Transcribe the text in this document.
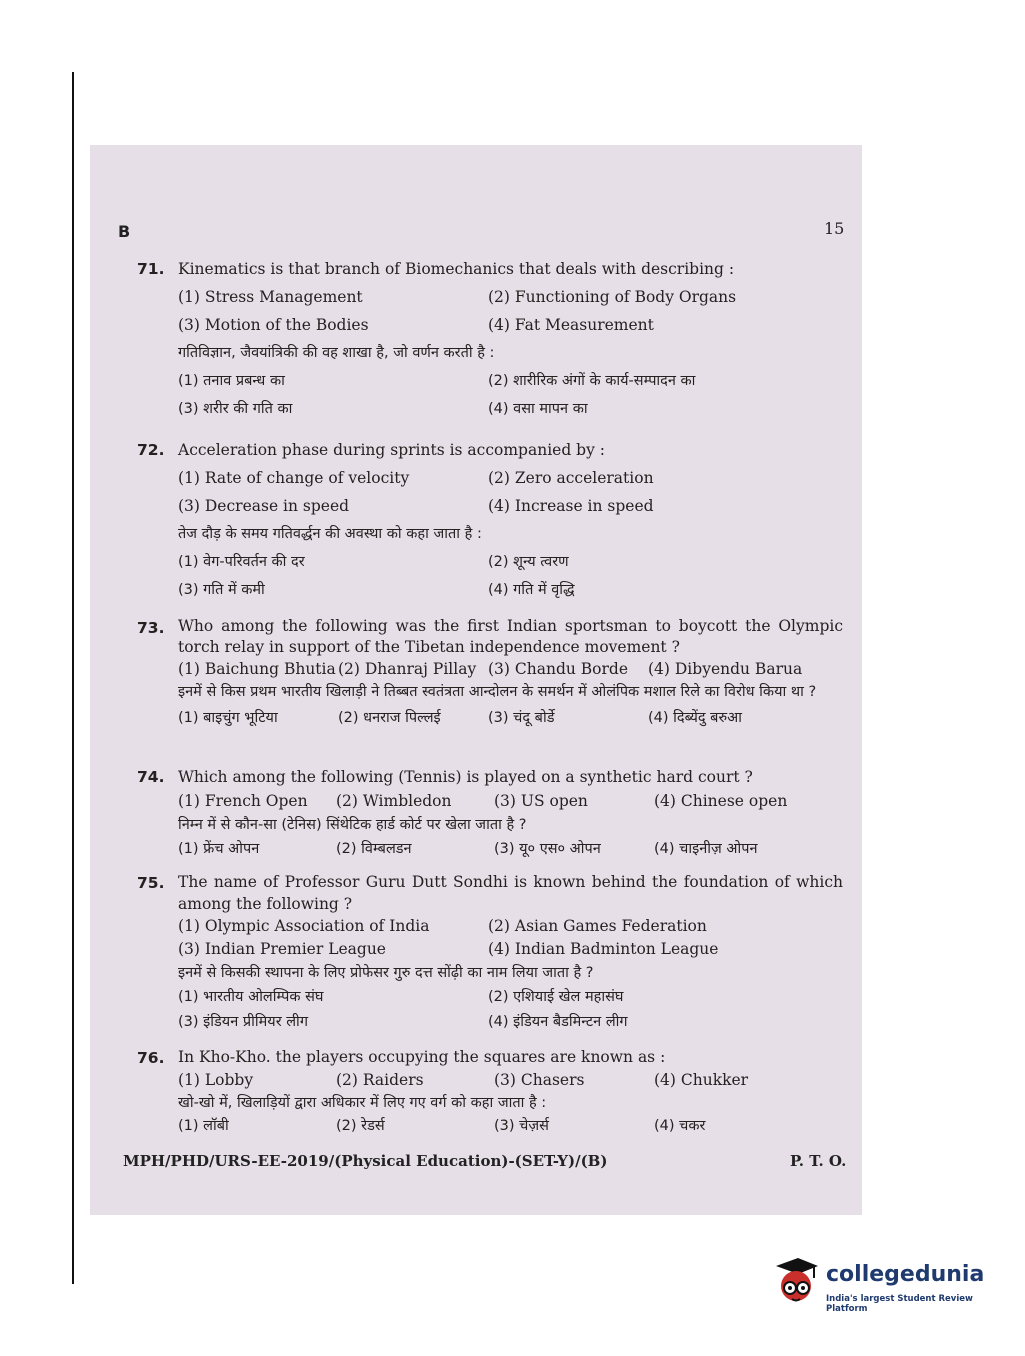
B	15
71. Kinematics is that branch of Biomechanics that deals with describing :
(1) Stress Management	(2) Functioning of Body Organs
(3) Motion of the Bodies	(4) Fat Measurement
गतिविज्ञान, जैवयांत्रिकी की वह शाखा है, जो वर्णन करती है :
(1) तनाव प्रबन्ध का	(2) शारीरिक अंगों के कार्य-सम्पादन का
(3) शरीर की गति का	(4) वसा मापन का
72. Acceleration phase during sprints is accompanied by :
(1) Rate of change of velocity	(2) Zero acceleration
(3) Decrease in speed	(4) Increase in speed
तेज दौड़ के समय गतिवर्द्धन की अवस्था को कहा जाता है :
(1) वेग-परिवर्तन की दर	(2) शून्य त्वरण
(3) गति में कमी	(4) गति में वृद्धि
73. Who among the following was the first Indian sportsman to boycott the Olympic torch relay in support of the Tibetan independence movement ?
(1) Baichung Bhutia (2) Dhanraj Pillay (3) Chandu Borde	(4) Dibyendu Barua
इनमें से किस प्रथम भारतीय खिलाड़ी ने तिब्बत स्वतंत्रता आन्दोलन के समर्थन में ओलंपिक मशाल रिले का विरोध किया था ?
(1) बाइचुंग भूटिया	(2) धनराज पिल्लई	(3) चंदू बोर्डे	(4) दिब्येंदु बरुआ
74. Which among the following (Tennis) is played on a synthetic hard court ?
(1) French Open	(2) Wimbledon	(3) US open	(4) Chinese open
निम्न में से कौन-सा (टेनिस) सिंथेटिक हार्ड कोर्ट पर खेला जाता है ?
(1) फ्रेंच ओपन	(2) विम्बलडन	(3) यू० एस० ओपन	(4) चाइनीज़ ओपन
75. The name of Professor Guru Dutt Sondhi is known behind the foundation of which among the following ?
(1) Olympic Association of India	(2) Asian Games Federation
(3) Indian Premier League	(4) Indian Badminton League
इनमें से किसकी स्थापना के लिए प्रोफेसर गुरु दत्त सोंढ़ी का नाम लिया जाता है ?
(1) भारतीय ओलम्पिक संघ	(2) एशियाई खेल महासंघ
(3) इंडियन प्रीमियर लीग	(4) इंडियन बैडमिन्टन लीग
76. In Kho-Kho. the players occupying the squares are known as :
(1) Lobby	(2) Raiders	(3) Chasers	(4) Chukker
खो-खो में, खिलाड़ियों द्वारा अधिकार में लिए गए वर्ग को कहा जाता है :
(1) लॉबी	(2) रेडर्स	(3) चेज़र्स	(4) चकर
MPH/PHD/URS-EE-2019/(Physical Education)-(SET-Y)/(B)	P. T. O.
collegedunia
India's largest Student Review Platform
